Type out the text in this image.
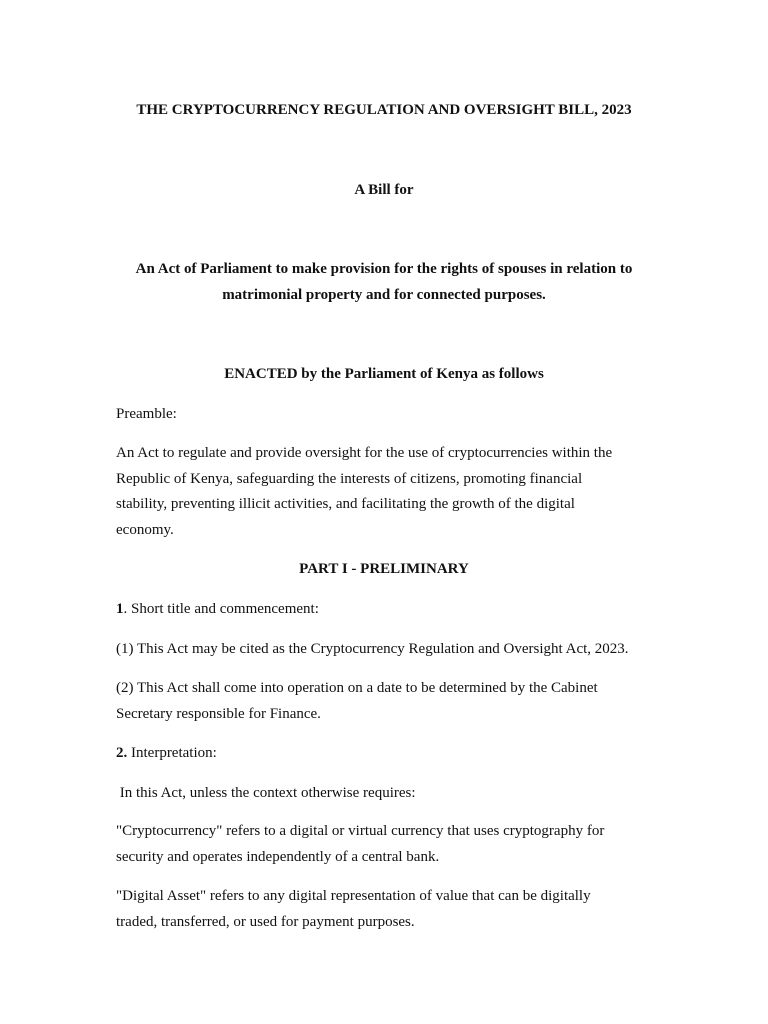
THE CRYPTOCURRENCY REGULATION AND OVERSIGHT BILL, 2023
A Bill for
An Act of Parliament to make provision for the rights of spouses in relation to
matrimonial property and for connected purposes.
ENACTED by the Parliament of Kenya as follows
Preamble:
An Act to regulate and provide oversight for the use of cryptocurrencies within the
Republic of Kenya, safeguarding the interests of citizens, promoting financial
stability, preventing illicit activities, and facilitating the growth of the digital
economy.
PART I - PRELIMINARY
1. Short title and commencement:
(1) This Act may be cited as the Cryptocurrency Regulation and Oversight Act, 2023.
(2) This Act shall come into operation on a date to be determined by the Cabinet
Secretary responsible for Finance.
2. Interpretation:
In this Act, unless the context otherwise requires:
"Cryptocurrency" refers to a digital or virtual currency that uses cryptography for
security and operates independently of a central bank.
"Digital Asset" refers to any digital representation of value that can be digitally
traded, transferred, or used for payment purposes.
